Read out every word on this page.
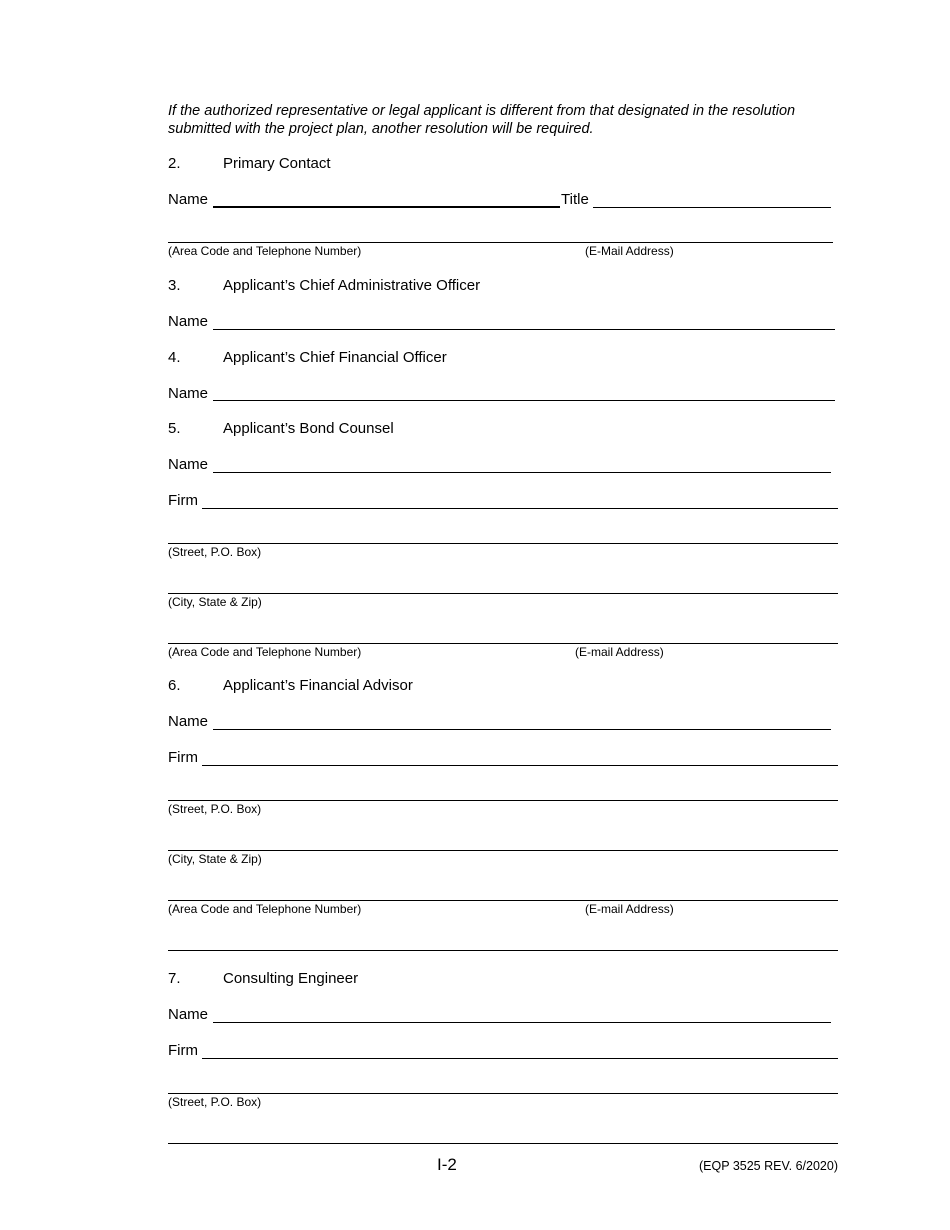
If the authorized representative or legal applicant is different from that designated in the resolution submitted with the project plan, another resolution will be required.
2.	Primary Contact
Name	Title
(Area Code and Telephone Number)	(E-Mail Address)
3.	Applicant’s Chief Administrative Officer
Name
4.	Applicant’s Chief Financial Officer
Name
5.	Applicant’s Bond Counsel
Name
Firm
(Street, P.O. Box)
(City, State & Zip)
(Area Code and Telephone Number)	(E-mail Address)
6.	Applicant’s Financial Advisor
Name
Firm
(Street, P.O. Box)
(City, State & Zip)
(Area Code and Telephone Number)	(E-mail Address)
7.	Consulting Engineer
Name
Firm
(Street, P.O. Box)
I-2	(EQP 3525 REV. 6/2020)
